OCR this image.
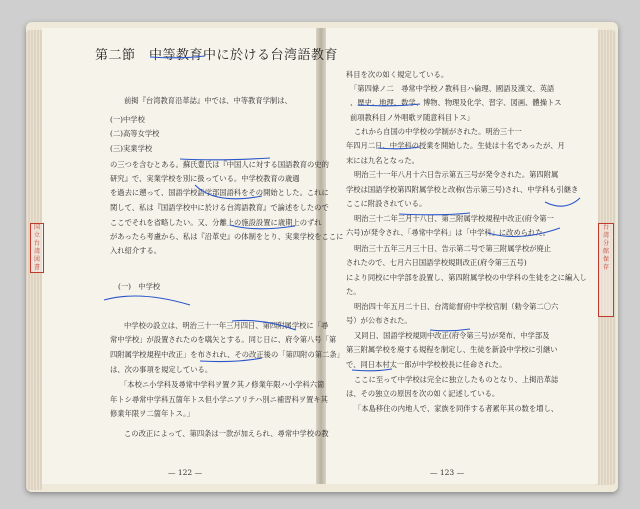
第二節　中等教育中に於ける台湾語教育
前掲『台湾教育沿革誌』中では、中等教育学制は、
(一)中学校
(二)高等女学校
(三)実業学校
の三つを含むとある。蘇氏豊氏は『中国人に対する国語教育の史的
研究』で、実業学校を別に扱っている。中学校教育の歳週
を過去に遡って、国語学校語学部国語科をその開始とした。これに
関して、私は『国語学校中に於ける台湾語教育』で論述をしたので
ここでそれを省略したい。又、分離上の施設設置に歳期上のずれ
があったら考慮から、私は『沿革史』の体制をとり、実業学校をここに
入れ紹介する。
(一)　中学校
中学校の設立は、明治三十一年三月四日、第四附属学校に「尋
常中学校」が設置されたのを嚆矢とする。同じ日に、府令第八号「第
四附属学校規程中改正」を布されれ、その改正後の「第四附の第二条」
は、次の事項を規定している。
「本校ニ小学科及尋常中学科ヲ置ク其ノ修業年限ハ小学科六箇
年トシ尋常中学科五箇年トス但小学ニアリテハ別ニ補習科ヲ置キ其
修業年限ヲ二箇年トス。」
この改正によって、第四条は一款が加えられ、尋常中学校の教
科目を次の如く規定している。
「第四條ノ二　尋常中学校ノ教科目ハ倫理、國語及漢文、英語
、歴史、地理、数学、博物、物理及化学、習字、図画、體操トス
前項教科目ノ外唱歌ヲ随意科目トス」
これから自国の中学校の学制がされた。明治三十一
年四月二日、中学科の授業を開始した。生徒は十名であったが、月
末には九名となった。
明治三十一年八月十六日告示第五三号が発令された。第四附属
学校は国語学校第四附属学校と改称(告示第三号)され、中学科も引継き
ここに附設されている。
明治三十二年三月十八日、第三附属学校規程中改正(府令第一
六号)が発令され、「尋常中学科」は「中学科」に改められた。
明治三十五年三月三十日、告示第二号で第三附属学校が廃止
されたので、七月六日国語学校規則改正(府令第三五号)
により同校に中学部を設置し、第四附属学校の中学科の生徒を之に編入し
た。
明治四十年五月二十日、台湾総督府中学校官制（勅令第二〇六
号）が公布された。
又同日、国語学校規則中改正(府令第三号)が発布、中学部及
第三附属学校を廃する規程を制定し、生徒を新設中学校に引継い
で、同日本村太一郎が中学校校長に任命された。
ここに至って中学校は完全に独立したものとなり、上掲沿革誌
は、その独立の原因を次の如く記述している。
「本島移住の内地人で、家族を同伴する者累年其の数を増し、
— 122 —	— 123 —
国
立
台
湾
図
書
台
湾
分
館
保
存
